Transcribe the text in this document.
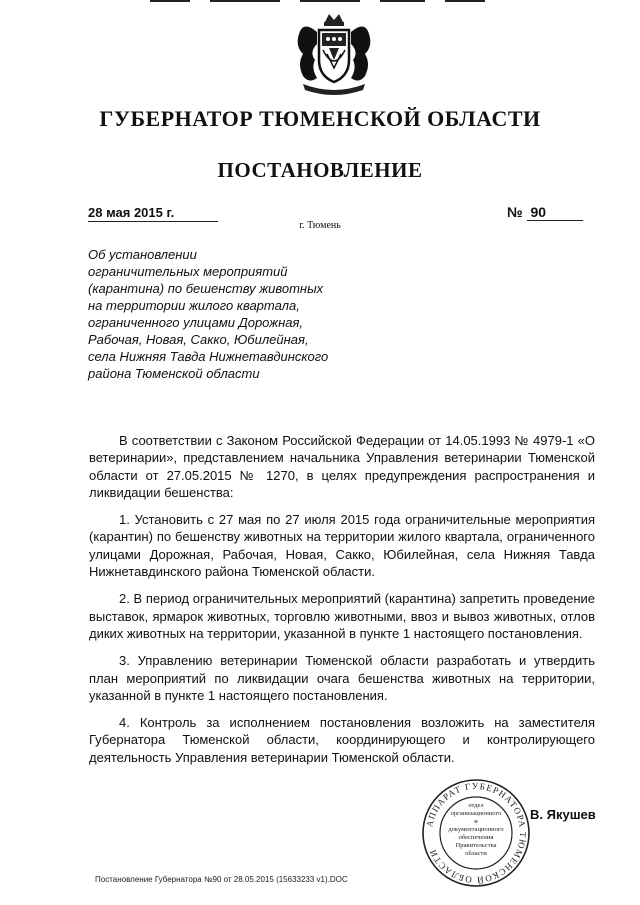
ГУБЕРНАТОР ТЮМЕНСКОЙ ОБЛАСТИ
ПОСТАНОВЛЕНИЕ
28 мая 2015 г.	№ 90
г. Тюмень
Об установлении
ограничительных мероприятий
(карантина) по бешенству животных
на территории жилого квартала,
ограниченного улицами Дорожная,
Рабочая, Новая, Сакко, Юбилейная,
села Нижняя Тавда Нижнетавдинского
района Тюменской области

В соответствии с Законом Российской Федерации от 14.05.1993 № 4979-1 «О ветеринарии», представлением начальника Управления ветеринарии Тюменской области от 27.05.2015 № 1270, в целях предупреждения распространения и ликвидации бешенства:

1. Установить с 27 мая по 27 июля 2015 года ограничительные мероприятия (карантин) по бешенству животных на территории жилого квартала, ограниченного улицами Дорожная, Рабочая, Новая, Сакко, Юбилейная, села Нижняя Тавда Нижнетавдинского района Тюменской области.

2. В период ограничительных мероприятий (карантина) запретить проведение выставок, ярмарок животных, торговлю животными, ввоз и вывоз животных, отлов диких животных на территории, указанной в пункте 1 настоящего постановления.

3. Управлению ветеринарии Тюменской области разработать и утвердить план мероприятий по ликвидации очага бешенства животных на территории, указанной в пункте 1 настоящего постановления.

4. Контроль за исполнением постановления возложить на заместителя Губернатора Тюменской области, координирующего и контролирующего деятельность Управления ветеринарии Тюменской области.

АППАРАТ ГУБЕРНАТОРА ТЮМЕНСКОЙ ОБЛАСТИ
отдел
организационного
и
документационного
обеспечения
Правительства
области
В. Якушев
Постановление Губернатора №90 от 28.05.2015 (15633233 v1).DOC
